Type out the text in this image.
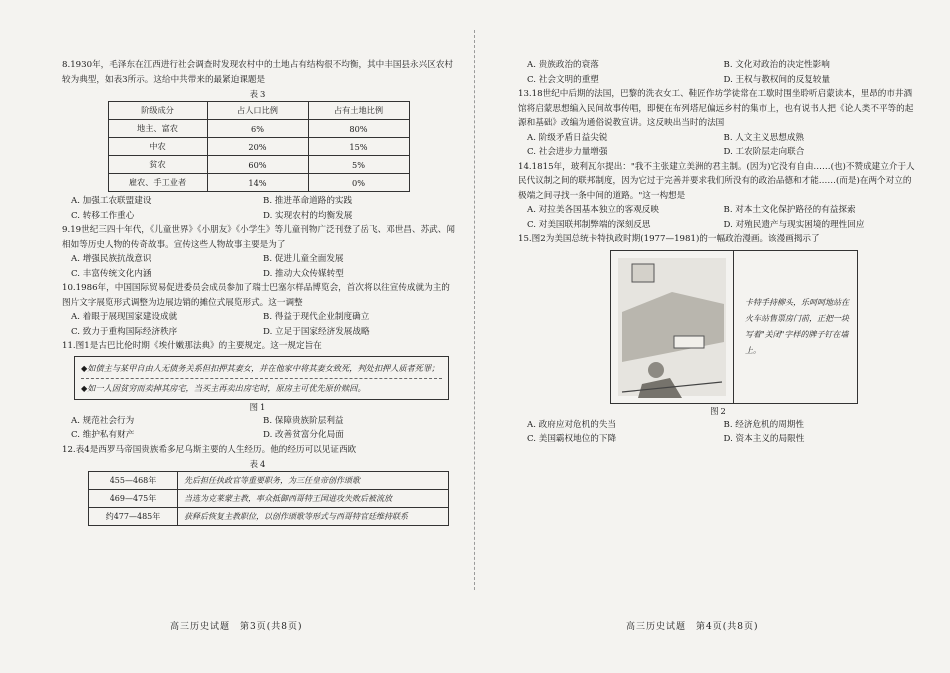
8.1930年，毛泽东在江西进行社会调查时发现农村中的土地占有结构很不均衡，其中丰国县永兴区农村较为典型，如表3所示。这给中共带来的最紧迫课题是

表3
阶级成分	占人口比例	占有土地比例
地主、富农	6%	80%
中农	20%	15%
贫农	60%	5%
雇农、手工业者	14%	0%
A. 加强工农联盟建设	B. 推进革命道路的实践
C. 转移工作重心	D. 实现农村的均衡发展

9.19世纪三四十年代，《儿童世界》《小朋友》《小学生》等儿童刊物广泛刊登了岳飞、邓世昌、苏武、闻相如等历史人物的传奇故事。宣传这些人物故事主要是为了

A. 增强民族抗战意识	B. 促进儿童全面发展
C. 丰富传统文化内涵	D. 推动大众传媒转型

10.1986年，中国国际贸易促进委员会成员参加了瑞士巴塞尔样品博览会，首次将以往宣传成就为主的图片文字展览形式调整为边展边销的摊位式展览形式。这一调整

A. 着眼于展现国家建设成就	B. 得益于现代企业制度确立
C. 致力于重构国际经济秩序	D. 立足于国家经济发展战略

11.图1是古巴比伦时期《埃什嫩那法典》的主要规定。这一规定旨在

◆如债主与某甲自由人无债务关系但扣押其妻女，并在他家中将其妻女致死，判处扣押人质者死罪；
◆如一人因贫穷而卖掉其房宅，当买主再卖出房宅时，原房主可优先原价赎回。
图1
A. 规范社会行为	B. 保障贵族阶层利益
C. 维护私有财产	D. 改善贫富分化局面

12.表4是西罗马帝国贵族希多尼乌斯主要的人生经历。他的经历可以见证西欧

表4
455—468年	先后担任执政官等重要职务，为三任皇帝创作颂歌
469—475年	当选为克莱蒙主教，率众抵御西哥特王国进攻失败后被流放
约477—485年	获释后恢复主教职位，以创作颂歌等形式与西哥特官廷维持联系
A. 贵族政治的衰落	B. 文化对政治的决定性影响
C. 社会文明的重塑	D. 王权与教权间的反复较量

13.18世纪中后期的法国，巴黎的洗衣女工、鞋匠作坊学徒常在工歇时围坐聆听启蒙读本，里昂的市井酒馆将启蒙思想编入民间故事传唱，即便在布列塔尼偏远乡村的集市上，也有说书人把《论人类不平等的起源和基础》改编为通俗说教宣讲。这反映出当时的法国

A. 阶级矛盾日益尖锐	B. 人文主义思想成熟
C. 社会进步力量增强	D. 工农阶层走向联合

14.1815年，玻利瓦尔提出："我不主张建立美洲的君主制。(因为)它没有自由……(也)不赞成建立介于人民代议制之间的联邦制度，因为它过于完善并要求我们所没有的政治品德和才能……(而是)在两个对立的极端之间寻找一条中间的道路。"这一构想是

A. 对拉美各国基本独立的客观反映	B. 对本土文化保护路径的有益探索
C. 对美国联邦制弊端的深刻反思	D. 对殖民遗产与现实困境的理性回应

15.图2为美国总统卡特执政时期(1977—1981)的一幅政治漫画。该漫画揭示了

卡特手持柳头，乐呵呵地站在火车站售票房门前，正把一块写着"关闭"字样的牌子钉在墙上。
图2
A. 政府应对危机的失当	B. 经济危机的周期性
C. 美国霸权地位的下降	D. 资本主义的局限性
高三历史试题　第3页(共8页)	高三历史试题　第4页(共8页)
